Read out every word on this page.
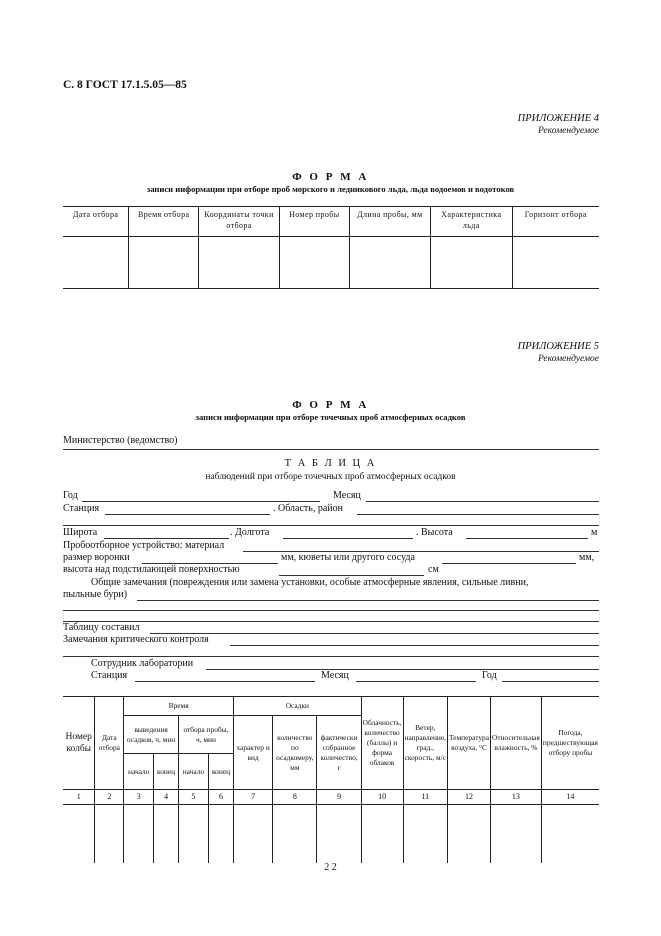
С. 8 ГОСТ 17.1.5.05—85
ПРИЛОЖЕНИЕ 4
Рекомендуемое
Ф О Р М А
записи информации при отборе проб морского и ледникового льда, льда водоемов и водотоков
Дата отбора	Время отбора	Координаты точки отбора	Номер пробы	Длина пробы, мм	Характеристика льда	Горизонт отбора

ПРИЛОЖЕНИЕ 5
Рекомендуемое
Ф О Р М А
записи информации при отборе точечных проб атмосферных осадков
Министерство (ведомство)
Т А Б Л И Ц А
наблюдений при отборе точечных проб атмосферных осадков
Год	Месяц
Станция	. Область, район
Широта	. Долгота	. Высота	м
Пробоотборное устройство: материал
размер воронки	мм, кюветы или другого сосуда	мм,
высота над подстилающей поверхностью	см
Общие замечания (повреждения или замена установки, особые атмосферные явления, сильные ливни,
пыльные бури)
Таблицу составил
Замечания критического контроля
Сотрудник лаборатории
Станция	Месяц	Год
Номер колбы	Дата отбора	Время				Осадки			Облачность, количество (баллы) и форма облаков	Ветер, направление, град., скорость, м/с	Температура воздуха, °С	Относительная влажность, %	Погода, предшествующая отбору пробы
		выведения осадков, ч, мин		отбора пробы, ч, мин		характер и вид	количество по осадкомеру, мм	фактически собранное количество, г					
		начало	конец	начало	конец								
1	2	3	4	5	6	7	8	9	10	11	12	13	14

2 2
